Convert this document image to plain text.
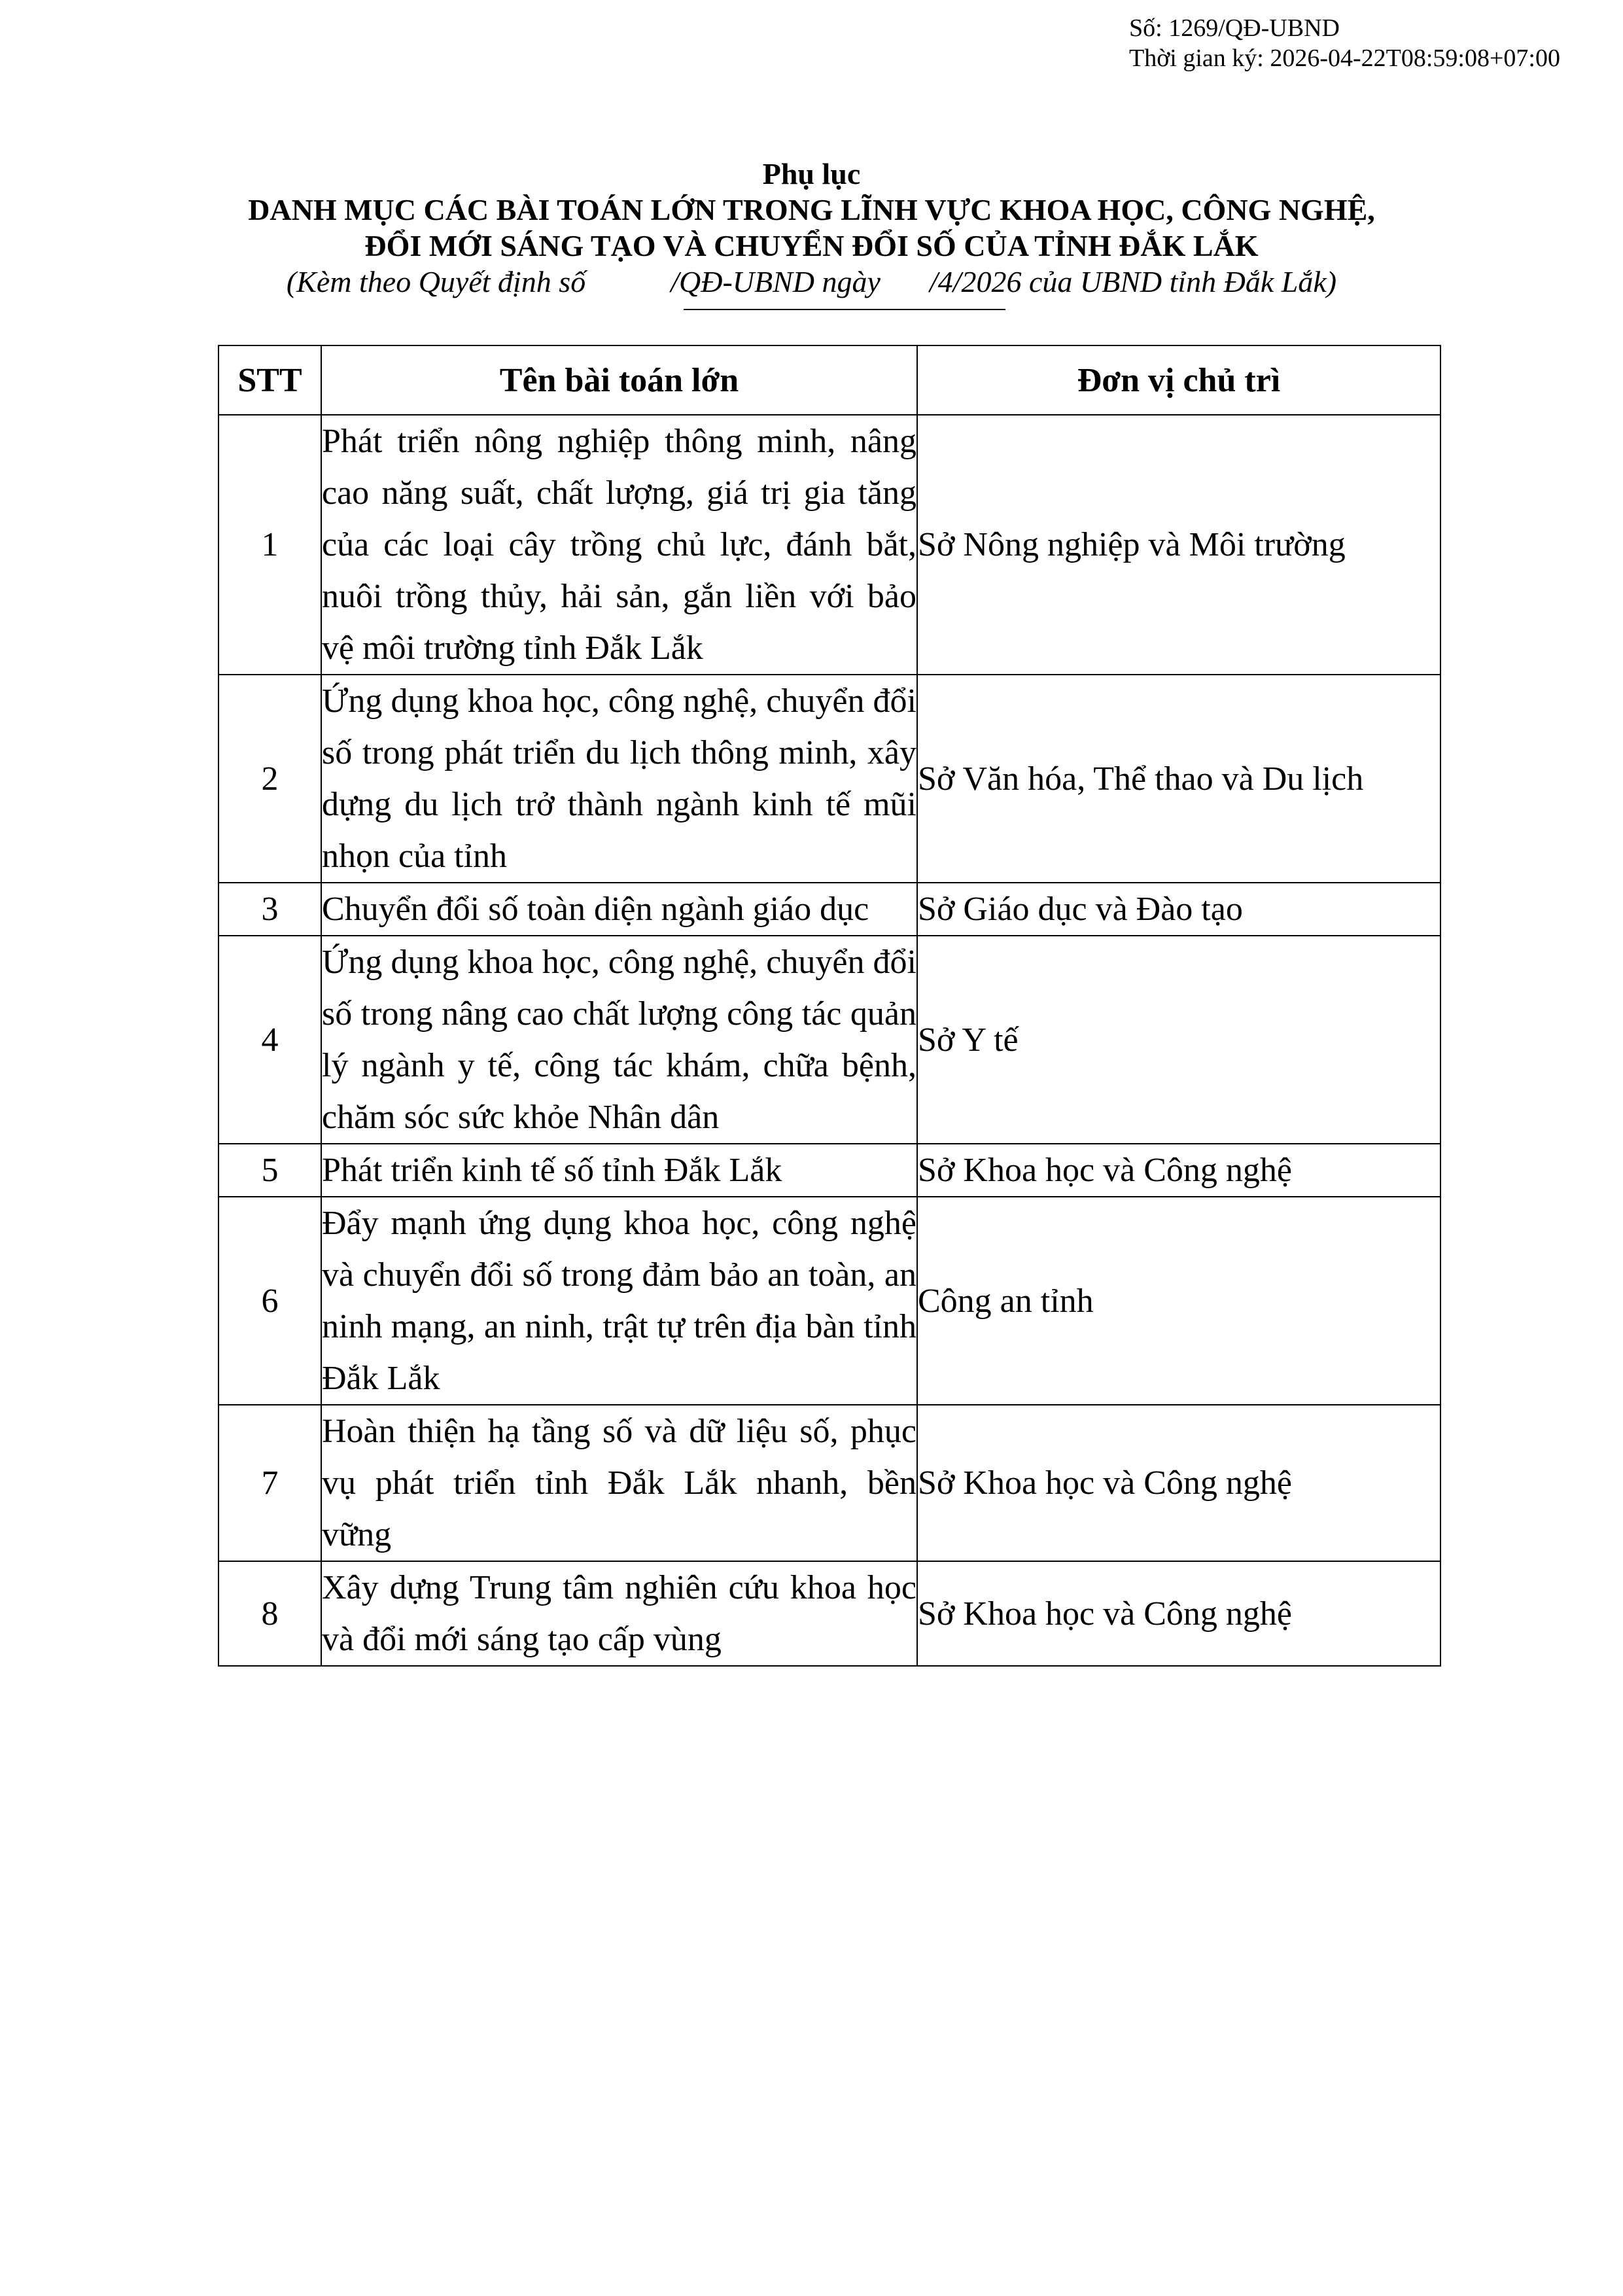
Số: 1269/QĐ-UBND
Thời gian ký: 2026-04-22T08:59:08+07:00
Phụ lục
DANH MỤC CÁC BÀI TOÁN LỚN TRONG LĨNH VỰC KHOA HỌC, CÔNG NGHỆ,
ĐỔI MỚI SÁNG TẠO VÀ CHUYỂN ĐỔI SỐ CỦA TỈNH ĐẮK LẮK
(Kèm theo Quyết định số	/QĐ-UBND ngày /4/2026 của UBND tỉnh Đắk Lắk)
STT	Tên bài toán lớn	Đơn vị chủ trì
1	Phát triển nông nghiệp thông minh, nâng cao năng suất, chất lượng, giá trị gia tăng của các loại cây trồng chủ lực, đánh bắt, nuôi trồng thủy, hải sản, gắn liền với bảo vệ môi trường tỉnh Đắk Lắk	Sở Nông nghiệp và Môi trường
2	Ứng dụng khoa học, công nghệ, chuyển đổi số trong phát triển du lịch thông minh, xây dựng du lịch trở thành ngành kinh tế mũi nhọn của tỉnh	Sở Văn hóa, Thể thao và Du lịch
3	Chuyển đổi số toàn diện ngành giáo dục	Sở Giáo dục và Đào tạo
4	Ứng dụng khoa học, công nghệ, chuyển đổi số trong nâng cao chất lượng công tác quản lý ngành y tế, công tác khám, chữa bệnh, chăm sóc sức khỏe Nhân dân	Sở Y tế
5	Phát triển kinh tế số tỉnh Đắk Lắk	Sở Khoa học và Công nghệ
6	Đẩy mạnh ứng dụng khoa học, công nghệ và chuyển đổi số trong đảm bảo an toàn, an ninh mạng, an ninh, trật tự trên địa bàn tỉnh Đắk Lắk	Công an tỉnh
7	Hoàn thiện hạ tầng số và dữ liệu số, phục vụ phát triển tỉnh Đắk Lắk nhanh, bền vững	Sở Khoa học và Công nghệ
8	Xây dựng Trung tâm nghiên cứu khoa học và đổi mới sáng tạo cấp vùng	Sở Khoa học và Công nghệ
